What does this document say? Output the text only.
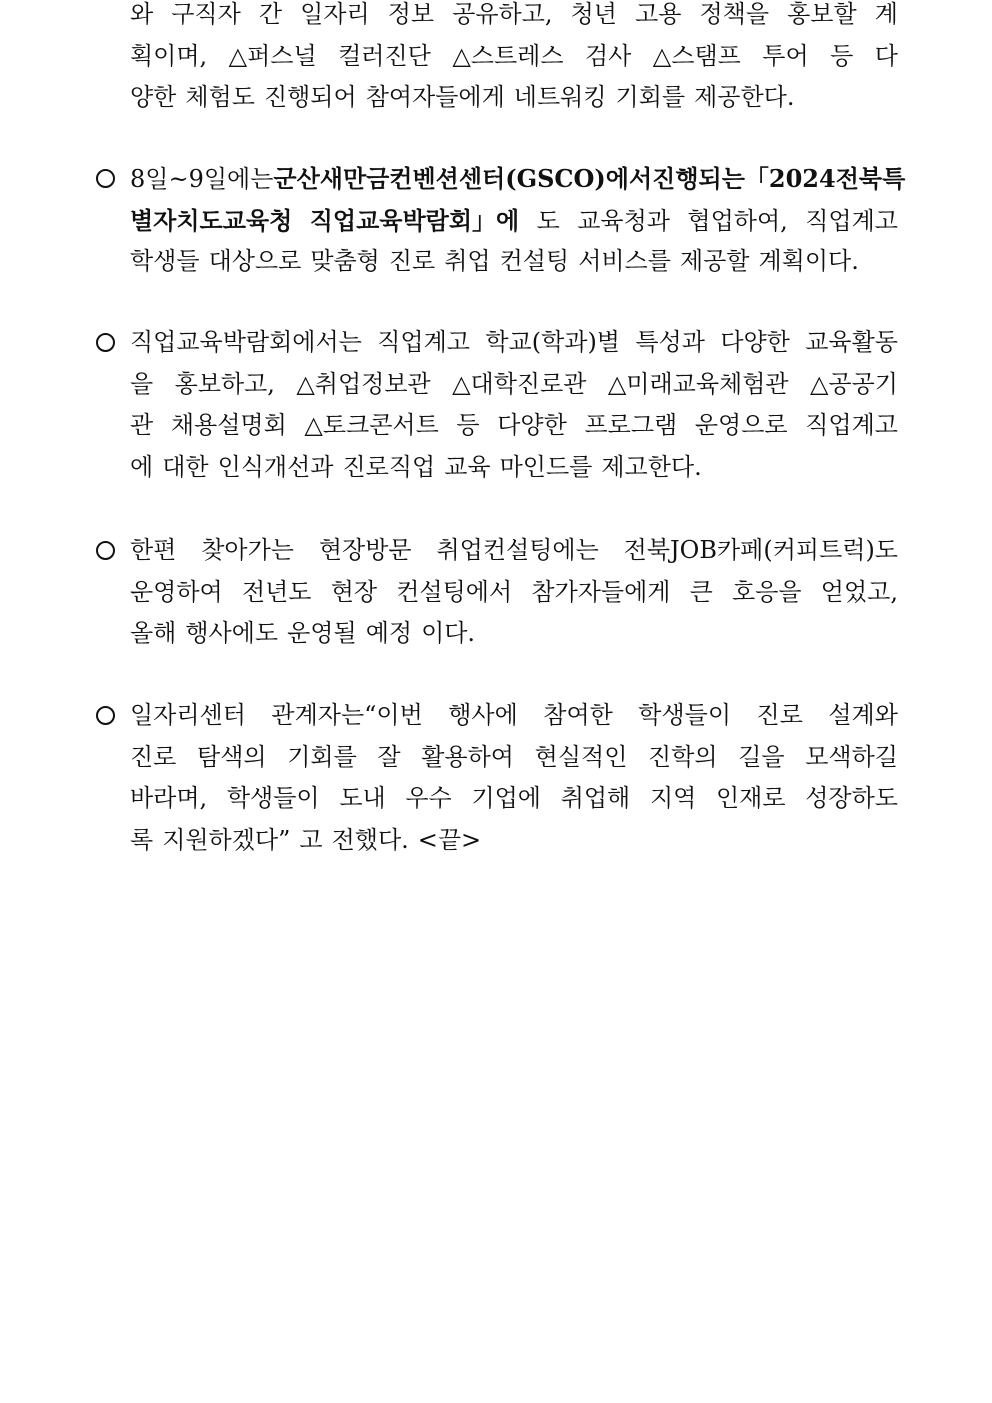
와 구직자 간 일자리 정보 공유하고, 청년 고용 정책을 홍보할 계
획이며, △퍼스널 컬러진단 △스트레스 검사 △스탬프 투어 등 다
양한 체험도 진행되어 참여자들에게 네트워킹 기회를 제공한다.
8일~9일에는 군산새만금컨벤션센터(GSCO)에서 진행되는 「2024 전북특
별자치도교육청 직업교육박람회」에 도 교육청과 협업하여, 직업계고
학생들 대상으로 맞춤형 진로 취업 컨설팅 서비스를 제공할 계획이다.
직업교육박람회에서는 직업계고 학교(학과)별 특성과 다양한 교육활동
을 홍보하고, △취업정보관 △대학진로관 △미래교육체험관 △공공기
관 채용설명회 △토크콘서트 등 다양한 프로그램 운영으로 직업계고
에 대한 인식개선과 진로직업 교육 마인드를 제고한다.
한편 찾아가는 현장방문 취업컨설팅에는 전북JOB카페(커피트럭)도
운영하여 전년도 현장 컨설팅에서 참가자들에게 큰 호응을 얻었고,
올해 행사에도 운영될 예정 이다.
일자리센터 관계자는“이번 행사에 참여한 학생들이 진로 설계와
진로 탐색의 기회를 잘 활용하여 현실적인 진학의 길을 모색하길
바라며, 학생들이 도내 우수 기업에 취업해 지역 인재로 성장하도
록 지원하겠다” 고 전했다. <끝>
